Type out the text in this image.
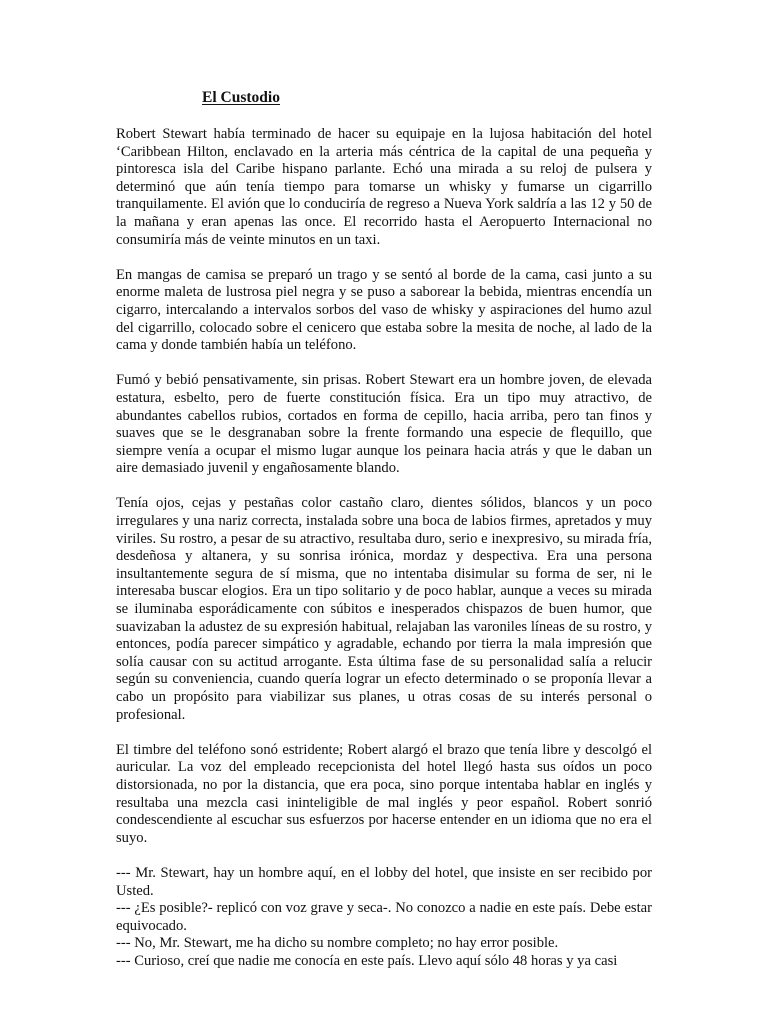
El Custodio

Robert Stewart había terminado de hacer su equipaje en la lujosa habitación del hotel ‘Caribbean Hilton, enclavado en la arteria más céntrica de la capital de una pequeña y pintoresca isla del Caribe hispano parlante. Echó una mirada a su reloj de pulsera y determinó que aún tenía tiempo para tomarse un whisky y fumarse un cigarrillo tranquilamente. El avión que lo conduciría de regreso a Nueva York saldría a las 12 y 50 de la mañana y eran apenas las once. El recorrido hasta el Aeropuerto Internacional no consumiría más de veinte minutos en un taxi.

En mangas de camisa se preparó un trago y se sentó al borde de la cama, casi junto a su enorme maleta de lustrosa piel negra y se puso a saborear la bebida, mientras encendía un cigarro, intercalando a intervalos sorbos del vaso de whisky y aspiraciones del humo azul del cigarrillo, colocado sobre el cenicero que estaba sobre la mesita de noche, al lado de la cama y donde también había un teléfono.

Fumó y bebió pensativamente, sin prisas. Robert Stewart era un hombre joven, de elevada estatura, esbelto, pero de fuerte constitución física. Era un tipo muy atractivo, de abundantes cabellos rubios, cortados en forma de cepillo, hacia arriba, pero tan finos y suaves que se le desgranaban sobre la frente formando una especie de flequillo, que siempre venía a ocupar el mismo lugar aunque los peinara hacia atrás y que le daban un aire demasiado juvenil y engañosamente blando.

Tenía ojos, cejas y pestañas color castaño claro, dientes sólidos, blancos y un poco irregulares y una nariz correcta, instalada sobre una boca de labios firmes, apretados y muy viriles. Su rostro, a pesar de su atractivo, resultaba duro, serio e inexpresivo, su mirada fría, desdeñosa y altanera, y su sonrisa irónica, mordaz y despectiva. Era una persona insultantemente segura de sí misma, que no intentaba disimular su forma de ser, ni le interesaba buscar elogios. Era un tipo solitario y de poco hablar, aunque a veces su mirada se iluminaba esporádicamente con súbitos e inesperados chispazos de buen humor, que suavizaban la adustez de su expresión habitual, relajaban las varoniles líneas de su rostro, y entonces, podía parecer simpático y agradable, echando por tierra la mala impresión que solía causar con su actitud arrogante. Esta última fase de su personalidad salía a relucir según su conveniencia, cuando quería lograr un efecto determinado o se proponía llevar a cabo un propósito para viabilizar sus planes, u otras cosas de su interés personal o profesional.

El timbre del teléfono sonó estridente; Robert alargó el brazo que tenía libre y descolgó el auricular. La voz del empleado recepcionista del hotel llegó hasta sus oídos un poco distorsionada, no por la distancia, que era poca, sino porque intentaba hablar en inglés y resultaba una mezcla casi ininteligible de mal inglés y peor español. Robert sonrió condescendiente al escuchar sus esfuerzos por hacerse entender en un idioma que no era el suyo.

--- Mr. Stewart, hay un hombre aquí, en el lobby del hotel, que insiste en ser recibido por Usted.

--- ¿Es posible?- replicó con voz grave y seca-. No conozco a nadie en este país. Debe estar equivocado.

--- No, Mr. Stewart, me ha dicho su nombre completo; no hay error posible.

--- Curioso, creí que nadie me conocía en este país. Llevo aquí sólo 48 horas y ya casi
